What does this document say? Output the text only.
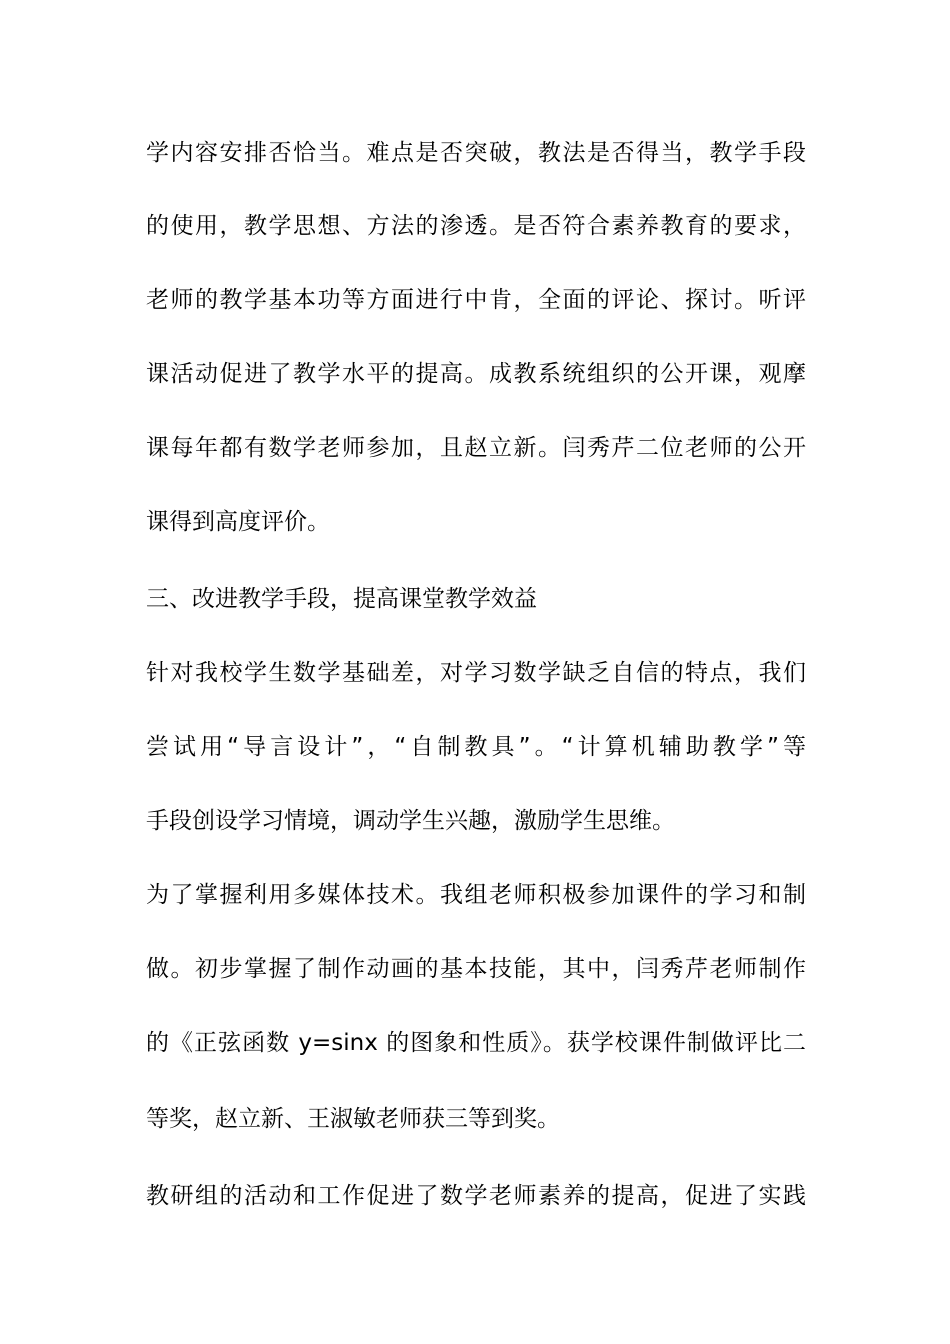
学内容安排否恰当。难点是否突破，教法是否得当，教学手段
的使用，教学思想、方法的渗透。是否符合素养教育的要求，
老师的教学基本功等方面进行中肯，全面的评论、探讨。听评
课活动促进了教学水平的提高。成教系统组织的公开课，观摩
课每年都有数学老师参加，且赵立新。闫秀芹二位老师的公开
课得到高度评价。
三、改进教学手段，提高课堂教学效益
针对我校学生数学基础差，对学习数学缺乏自信的特点，我们
尝试用“导言设计”，“自制教具”。“计算机辅助教学”等
手段创设学习情境，调动学生兴趣，激励学生思维。
为了掌握利用多媒体技术。我组老师积极参加课件的学习和制
做。初步掌握了制作动画的基本技能，其中，闫秀芹老师制作
的《正弦函数 y=sinx 的图象和性质》。获学校课件制做评比二
等奖，赵立新、王淑敏老师获三等到奖。
教研组的活动和工作促进了数学老师素养的提高，促进了实践
